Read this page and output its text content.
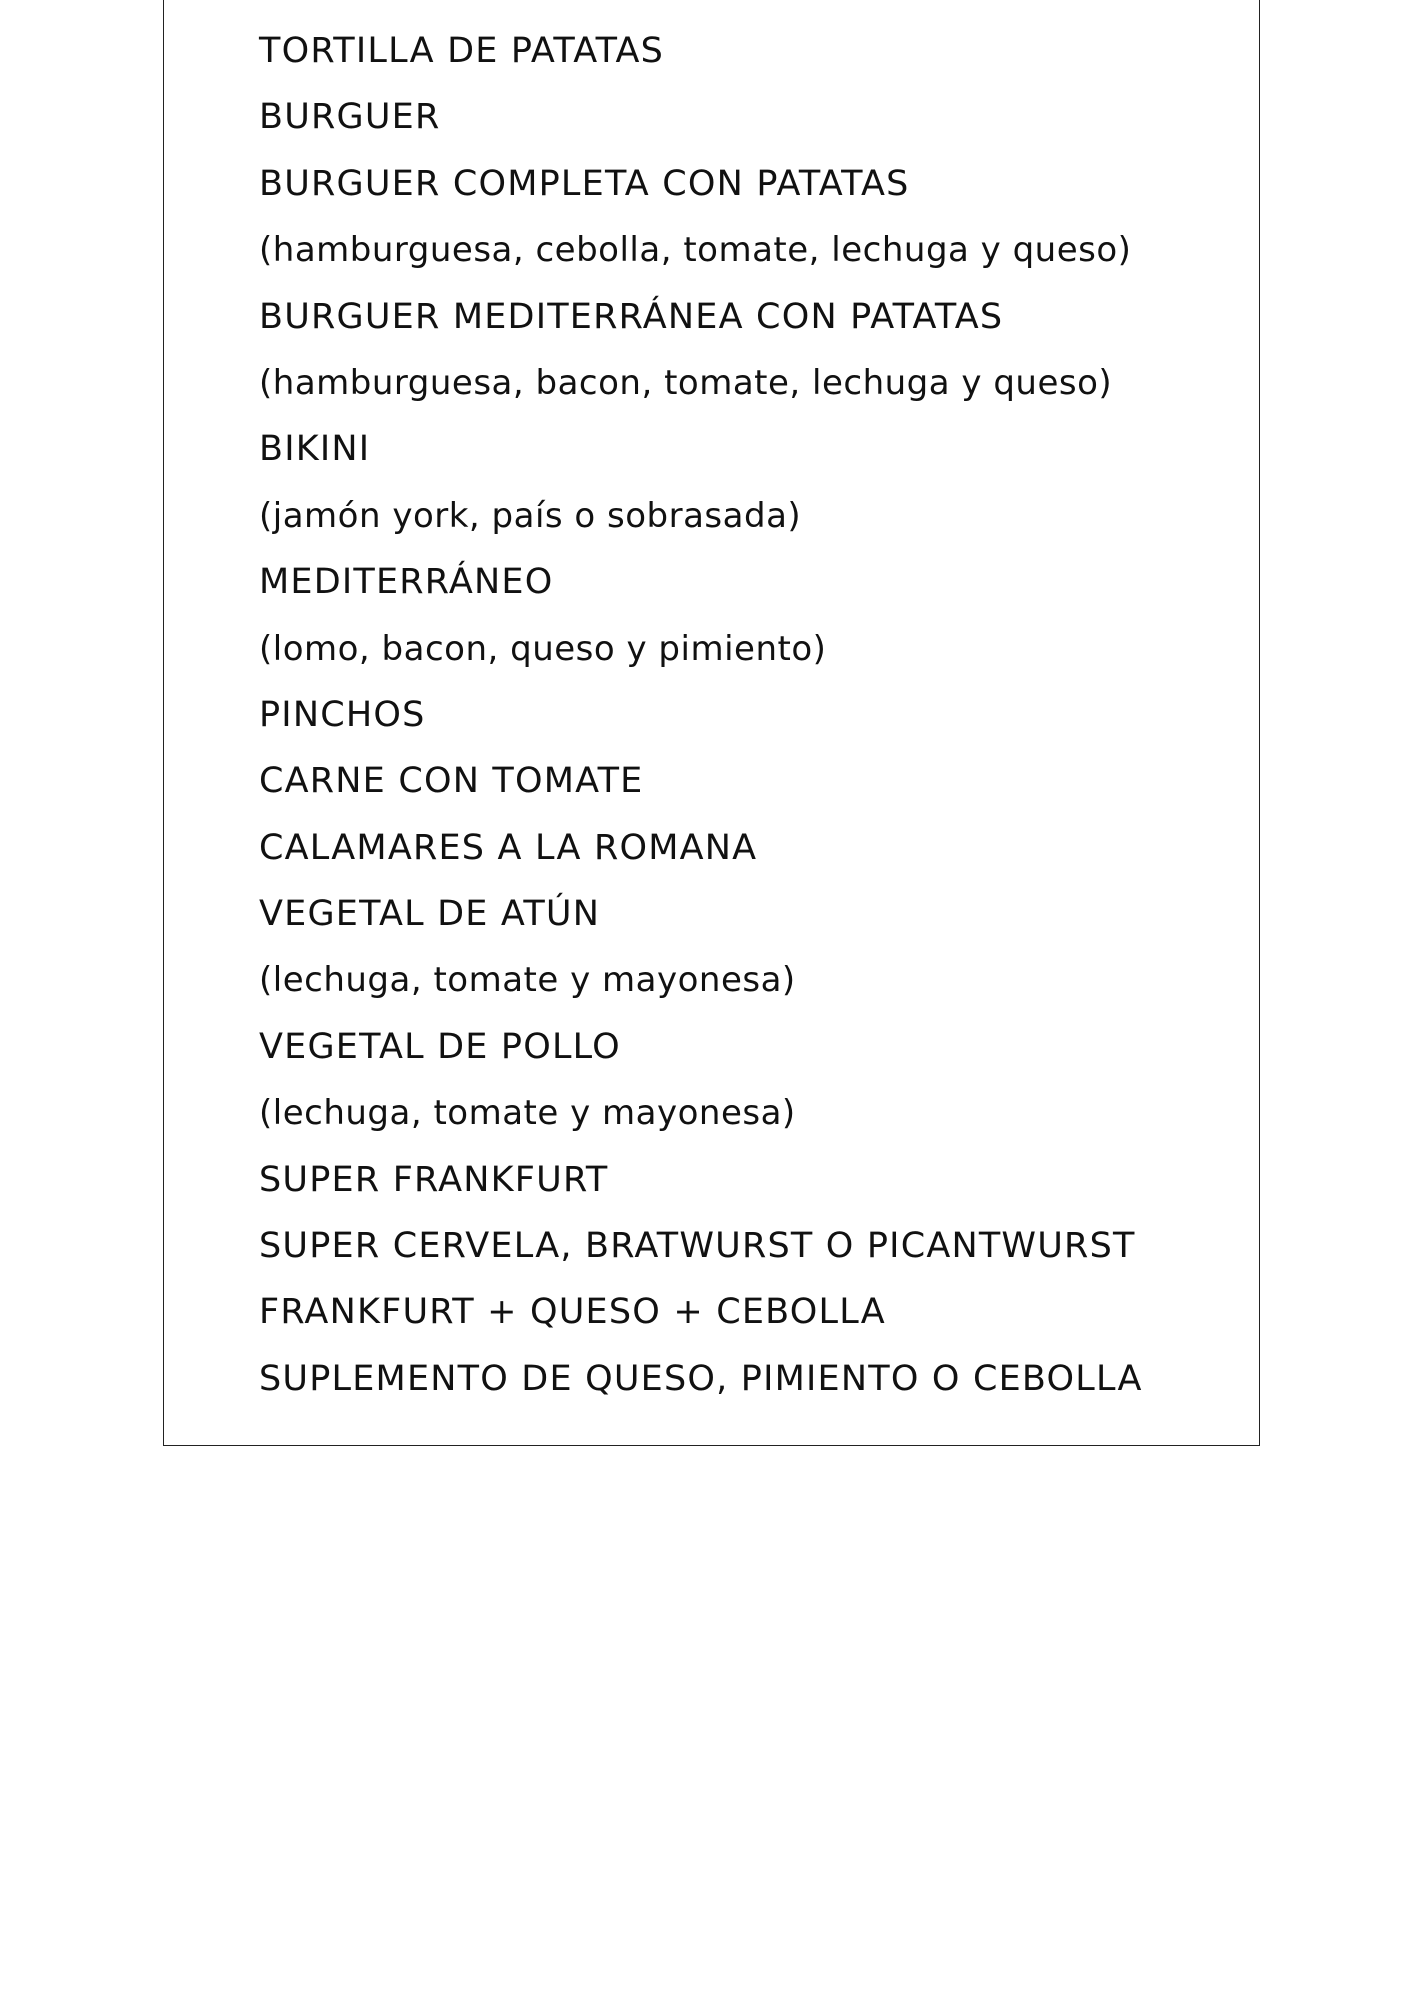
TORTILLA DE PATATAS
BURGUER
BURGUER COMPLETA CON PATATAS
(hamburguesa, cebolla, tomate, lechuga y queso)
BURGUER MEDITERRÁNEA CON PATATAS
(hamburguesa, bacon, tomate, lechuga y queso)
BIKINI
(jamón york, país o sobrasada)
MEDITERRÁNEO
(lomo, bacon, queso y pimiento)
PINCHOS
CARNE CON TOMATE
CALAMARES A LA ROMANA
VEGETAL DE ATÚN
(lechuga, tomate y mayonesa)
VEGETAL DE POLLO
(lechuga, tomate y mayonesa)
SUPER FRANKFURT
SUPER CERVELA, BRATWURST O PICANTWURST
FRANKFURT + QUESO + CEBOLLA
SUPLEMENTO DE QUESO, PIMIENTO O CEBOLLA
